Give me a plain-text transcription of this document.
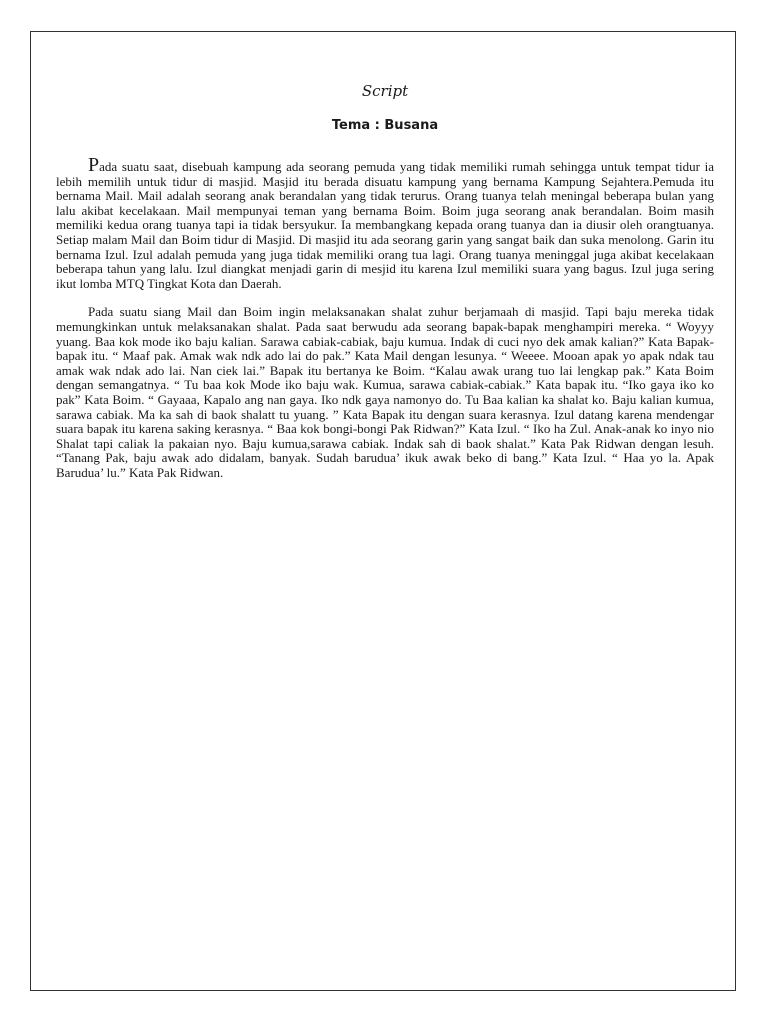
Script
Tema : Busana

Pada suatu saat, disebuah kampung ada seorang pemuda yang tidak memiliki rumah sehingga untuk tempat tidur ia lebih memilih untuk tidur di masjid. Masjid itu berada disuatu kampung yang bernama Kampung Sejahtera.Pemuda itu bernama Mail. Mail adalah seorang anak berandalan yang tidak terurus. Orang tuanya telah meningal beberapa bulan yang lalu akibat kecelakaan. Mail mempunyai teman yang bernama Boim. Boim juga seorang anak berandalan. Boim masih memiliki kedua orang tuanya tapi ia tidak bersyukur. Ia membangkang kepada orang tuanya dan ia diusir oleh orangtuanya. Setiap malam Mail dan Boim tidur di Masjid. Di masjid itu ada seorang garin yang sangat baik dan suka menolong. Garin itu bernama Izul. Izul adalah pemuda yang juga tidak memiliki orang tua lagi. Orang tuanya meninggal juga akibat kecelakaan beberapa tahun yang lalu. Izul diangkat menjadi garin di mesjid itu karena Izul memiliki suara yang bagus. Izul juga sering ikut lomba MTQ Tingkat Kota dan Daerah.

Pada suatu siang Mail dan Boim ingin melaksanakan shalat zuhur berjamaah di masjid. Tapi baju mereka tidak memungkinkan untuk melaksanakan shalat. Pada saat berwudu ada seorang bapak-bapak menghampiri mereka. “ Woyyy yuang. Baa kok mode iko baju kalian. Sarawa cabiak-cabiak, baju kumua. Indak di cuci nyo dek amak kalian?” Kata Bapak-bapak itu. “ Maaf pak. Amak wak ndk ado lai do pak.” Kata Mail dengan lesunya. “ Weeee. Mooan apak yo apak ndak tau amak wak ndak ado lai. Nan ciek lai.” Bapak itu bertanya ke Boim. “Kalau awak urang tuo lai lengkap pak.” Kata Boim dengan semangatnya. “ Tu baa kok Mode iko baju wak. Kumua, sarawa cabiak-cabiak.” Kata bapak itu. “Iko gaya iko ko pak” Kata Boim. “ Gayaaa, Kapalo ang nan gaya. Iko ndk gaya namonyo do. Tu Baa kalian ka shalat ko. Baju kalian kumua, sarawa cabiak. Ma ka sah di baok shalatt tu yuang. ” Kata Bapak itu dengan suara kerasnya. Izul datang karena mendengar suara bapak itu karena saking kerasnya. “ Baa kok bongi-bongi Pak Ridwan?” Kata Izul. “ Iko ha Zul. Anak-anak ko inyo nio Shalat tapi caliak la pakaian nyo. Baju kumua,sarawa cabiak. Indak sah di baok shalat.” Kata Pak Ridwan dengan lesuh. “Tanang Pak, baju awak ado didalam, banyak. Sudah barudua’ ikuk awak beko di bang.” Kata Izul. “ Haa yo la. Apak Barudua’ lu.” Kata Pak Ridwan.
